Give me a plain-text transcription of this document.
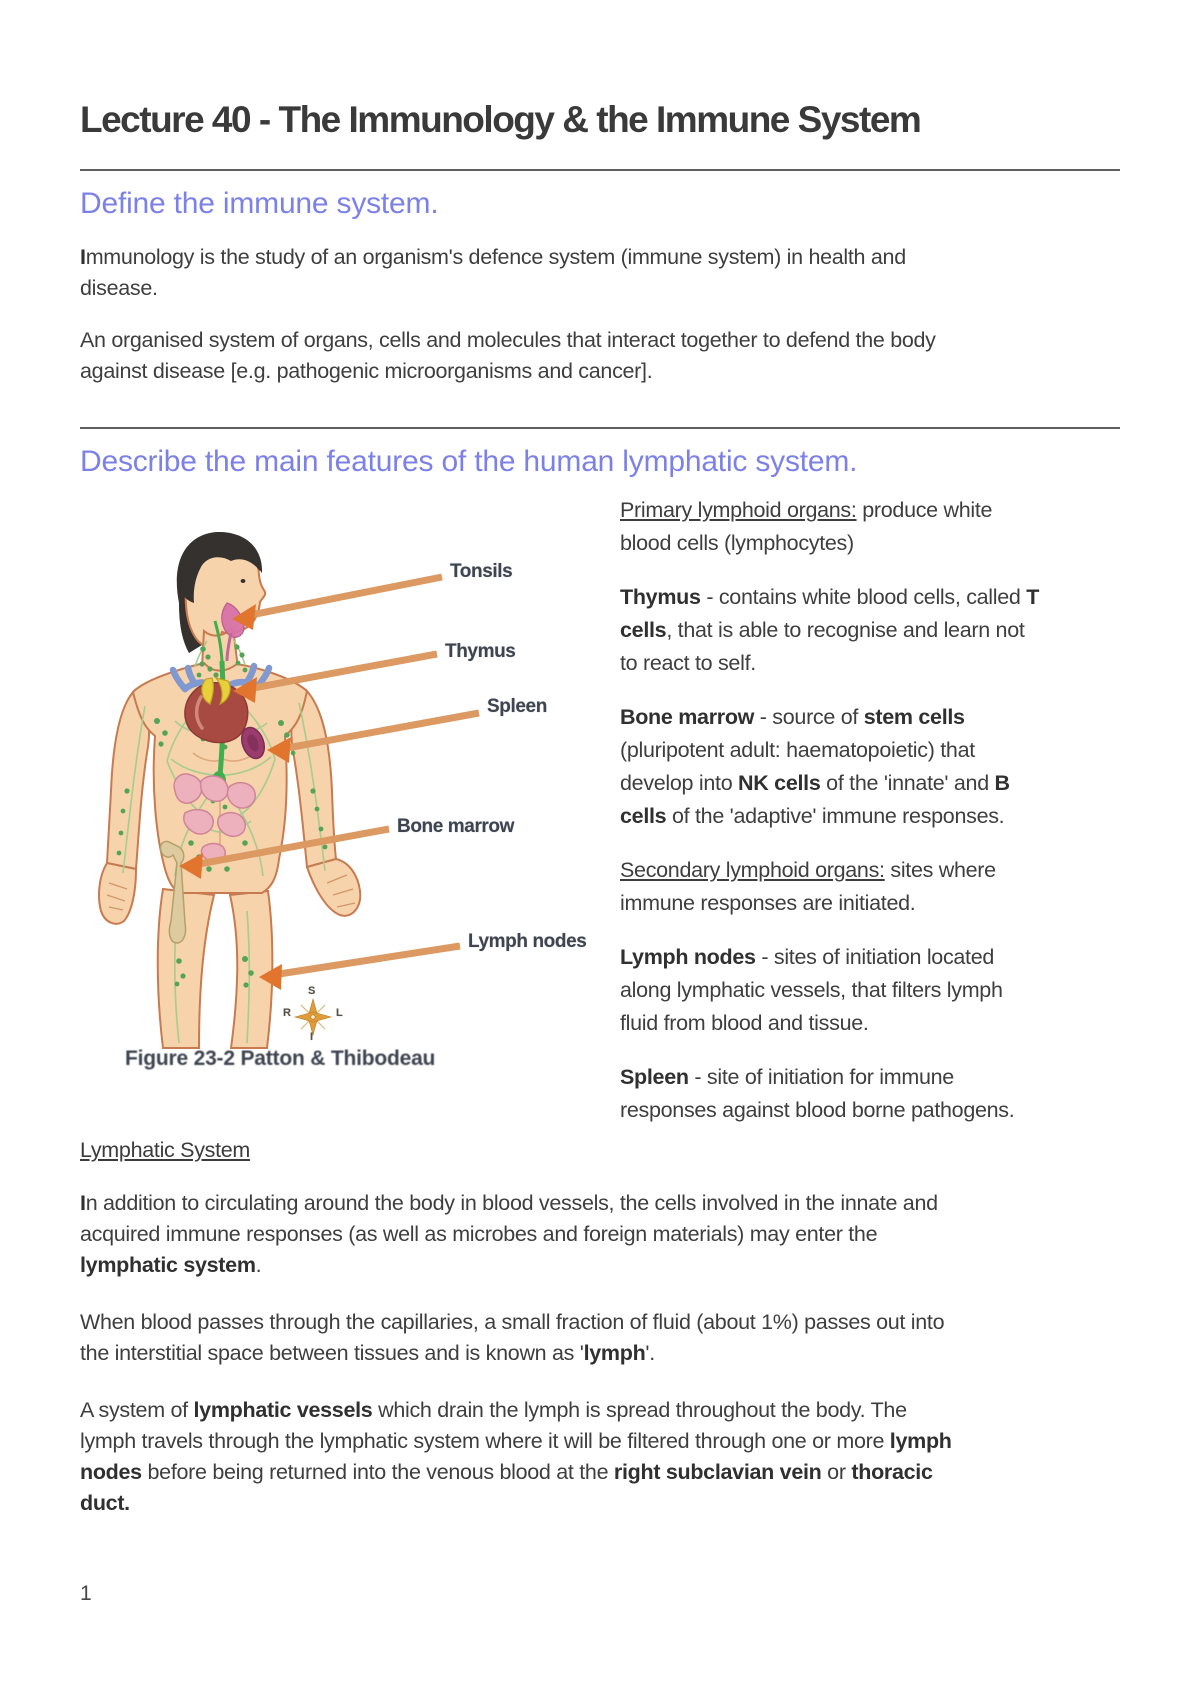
Lecture 40 - The Immunology & the Immune System
Define the immune system.

Immunology is the study of an organism's defence system (immune system) in health and
disease.

An organised system of organs, cells and molecules that interact together to defend the body
against disease [e.g. pathogenic microorganisms and cancer].

Describe the main features of the human lymphatic system.
Tonsils
Thymus
Spleen
Bone marrow
Lymph nodes
S
R	L
I
Figure 23-2 Patton & Thibodeau

Primary lymphoid organs: produce white
blood cells (lymphocytes)

Thymus - contains white blood cells, called T
cells, that is able to recognise and learn not
to react to self.

Bone marrow - source of stem cells
(pluripotent adult: haematopoietic) that
develop into NK cells of the 'innate' and B
cells of the 'adaptive' immune responses.

Secondary lymphoid organs: sites where
immune responses are initiated.

Lymph nodes - sites of initiation located
along lymphatic vessels, that filters lymph
fluid from blood and tissue.

Spleen - site of initiation for immune
responses against blood borne pathogens.

Lymphatic System

In addition to circulating around the body in blood vessels, the cells involved in the innate and
acquired immune responses (as well as microbes and foreign materials) may enter the
lymphatic system.

When blood passes through the capillaries, a small fraction of fluid (about 1%) passes out into
the interstitial space between tissues and is known as 'lymph'.

A system of lymphatic vessels which drain the lymph is spread throughout the body. The
lymph travels through the lymphatic system where it will be filtered through one or more lymph
nodes before being returned into the venous blood at the right subclavian vein or thoracic
duct.

1
